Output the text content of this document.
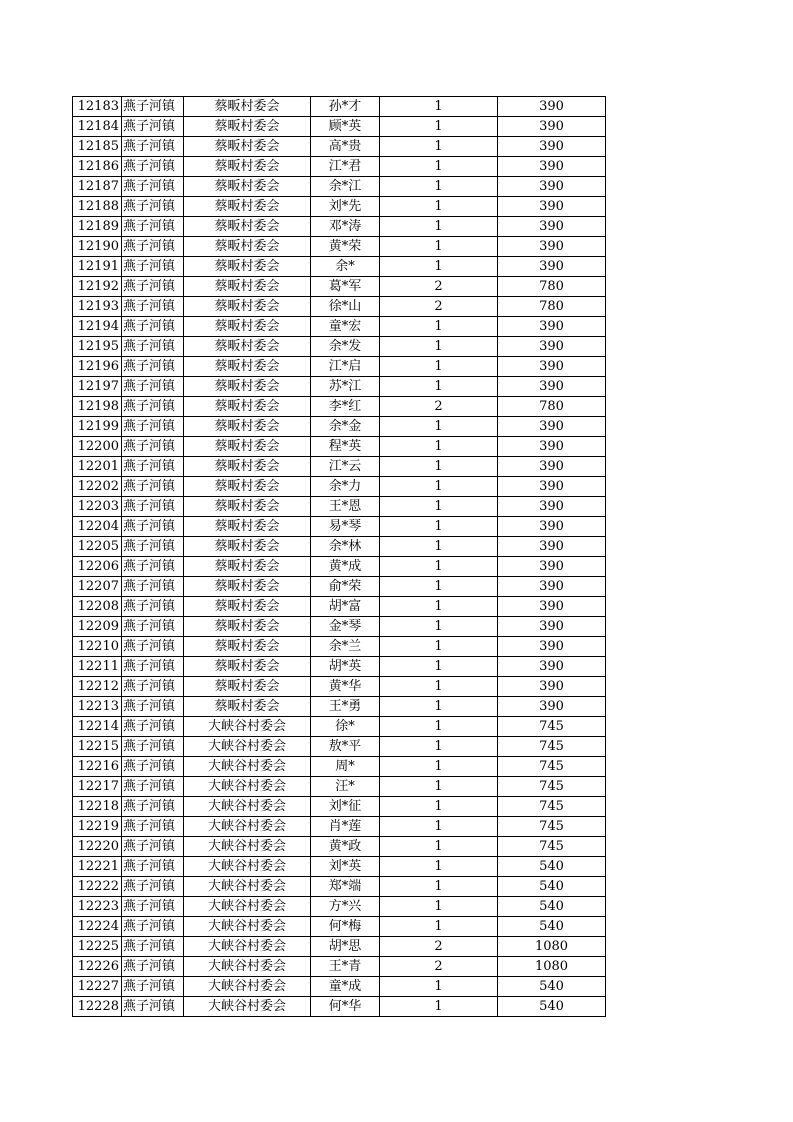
12183	燕子河镇	蔡畈村委会	孙*才	1	390
12184	燕子河镇	蔡畈村委会	顾*英	1	390
12185	燕子河镇	蔡畈村委会	高*贵	1	390
12186	燕子河镇	蔡畈村委会	江*君	1	390
12187	燕子河镇	蔡畈村委会	余*江	1	390
12188	燕子河镇	蔡畈村委会	刘*先	1	390
12189	燕子河镇	蔡畈村委会	邓*涛	1	390
12190	燕子河镇	蔡畈村委会	黄*荣	1	390
12191	燕子河镇	蔡畈村委会	余*	1	390
12192	燕子河镇	蔡畈村委会	葛*军	2	780
12193	燕子河镇	蔡畈村委会	徐*山	2	780
12194	燕子河镇	蔡畈村委会	童*宏	1	390
12195	燕子河镇	蔡畈村委会	余*发	1	390
12196	燕子河镇	蔡畈村委会	江*启	1	390
12197	燕子河镇	蔡畈村委会	苏*江	1	390
12198	燕子河镇	蔡畈村委会	李*红	2	780
12199	燕子河镇	蔡畈村委会	余*金	1	390
12200	燕子河镇	蔡畈村委会	程*英	1	390
12201	燕子河镇	蔡畈村委会	江*云	1	390
12202	燕子河镇	蔡畈村委会	余*力	1	390
12203	燕子河镇	蔡畈村委会	王*恩	1	390
12204	燕子河镇	蔡畈村委会	易*琴	1	390
12205	燕子河镇	蔡畈村委会	余*林	1	390
12206	燕子河镇	蔡畈村委会	黄*成	1	390
12207	燕子河镇	蔡畈村委会	俞*荣	1	390
12208	燕子河镇	蔡畈村委会	胡*富	1	390
12209	燕子河镇	蔡畈村委会	金*琴	1	390
12210	燕子河镇	蔡畈村委会	余*兰	1	390
12211	燕子河镇	蔡畈村委会	胡*英	1	390
12212	燕子河镇	蔡畈村委会	黄*华	1	390
12213	燕子河镇	蔡畈村委会	王*勇	1	390
12214	燕子河镇	大峡谷村委会	徐*	1	745
12215	燕子河镇	大峡谷村委会	敖*平	1	745
12216	燕子河镇	大峡谷村委会	周*	1	745
12217	燕子河镇	大峡谷村委会	汪*	1	745
12218	燕子河镇	大峡谷村委会	刘*征	1	745
12219	燕子河镇	大峡谷村委会	肖*莲	1	745
12220	燕子河镇	大峡谷村委会	黄*政	1	745
12221	燕子河镇	大峡谷村委会	刘*英	1	540
12222	燕子河镇	大峡谷村委会	郑*端	1	540
12223	燕子河镇	大峡谷村委会	方*兴	1	540
12224	燕子河镇	大峡谷村委会	何*梅	1	540
12225	燕子河镇	大峡谷村委会	胡*思	2	1080
12226	燕子河镇	大峡谷村委会	王*青	2	1080
12227	燕子河镇	大峡谷村委会	童*成	1	540
12228	燕子河镇	大峡谷村委会	何*华	1	540
